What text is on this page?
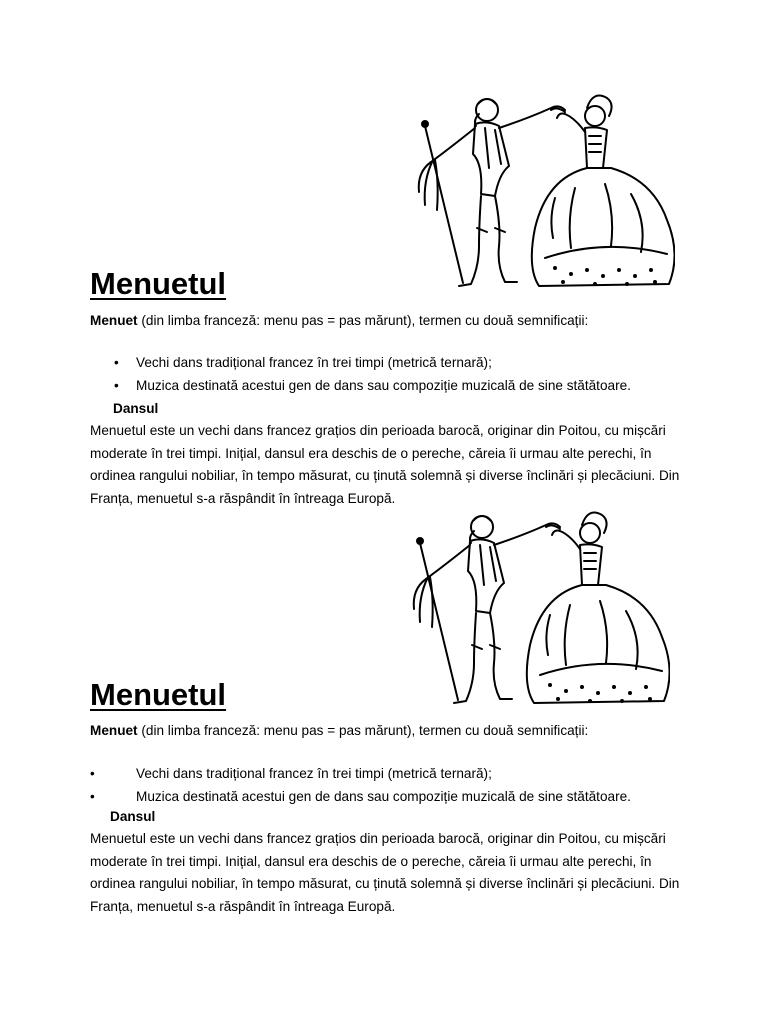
Menuetul

Menuet (din limba franceză: menu pas = pas mărunt), termen cu două semnificații:

• Vechi dans tradițional francez în trei timpi (metrică ternară);
• Muzica destinată acestui gen de dans sau compoziție muzicală de sine stătătoare.

Dansul

Menuetul este un vechi dans francez grațios din perioada barocă, originar din Poitou, cu mișcări moderate în trei timpi. Inițial, dansul era deschis de o pereche, căreia îi urmau alte perechi, în ordinea rangului nobiliar, în tempo măsurat, cu ținută solemnă și diverse înclinări și plecăciuni. Din Franța, menuetul s-a răspândit în întreaga Europă.

Menuetul

Menuet (din limba franceză: menu pas = pas mărunt), termen cu două semnificații:

•	Vechi dans tradițional francez în trei timpi (metrică ternară);
•	Muzica destinată acestui gen de dans sau compoziție muzicală de sine stătătoare.

Dansul

Menuetul este un vechi dans francez grațios din perioada barocă, originar din Poitou, cu mișcări moderate în trei timpi. Inițial, dansul era deschis de o pereche, căreia îi urmau alte perechi, în ordinea rangului nobiliar, în tempo măsurat, cu ținută solemnă și diverse înclinări și plecăciuni. Din Franța, menuetul s-a răspândit în întreaga Europă.
